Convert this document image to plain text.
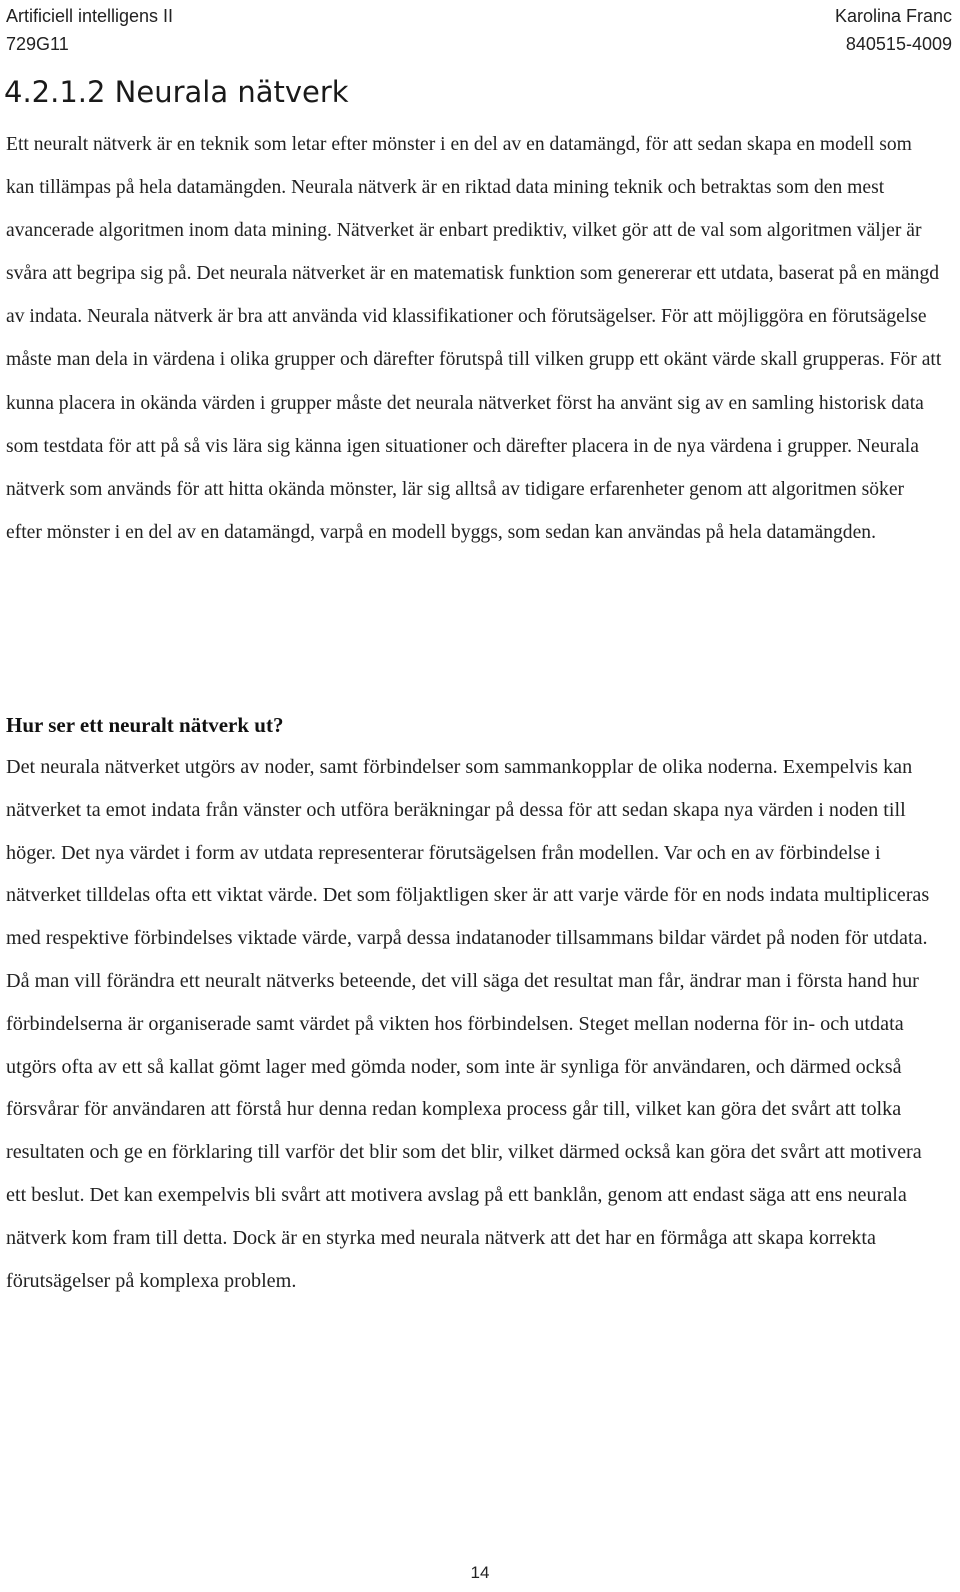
Artificiell intelligens II
729G11
Karolina Franc
840515-4009
4.2.1.2 Neurala nätverk

Ett neuralt nätverk är en teknik som letar efter mönster i en del av en datamängd, för att sedan skapa en modell som kan tillämpas på hela datamängden. Neurala nätverk är en riktad data mining teknik och betraktas som den mest avancerade algoritmen inom data mining. Nätverket är enbart prediktiv, vilket gör att de val som algoritmen väljer är svåra att begripa sig på. Det neurala nätverket är en matematisk funktion som genererar ett utdata, baserat på en mängd av indata. Neurala nätverk är bra att använda vid klassifikationer och förutsägelser. För att möjliggöra en förutsägelse måste man dela in värdena i olika grupper och därefter förutspå till vilken grupp ett okänt värde skall grupperas. För att kunna placera in okända värden i grupper måste det neurala nätverket först ha använt sig av en samling historisk data som testdata för att på så vis lära sig känna igen situationer och därefter placera in de nya värdena i grupper. Neurala nätverk som används för att hitta okända mönster, lär sig alltså av tidigare erfarenheter genom att algoritmen söker efter mönster i en del av en datamängd, varpå en modell byggs, som sedan kan användas på hela datamängden.

Hur ser ett neuralt nätverk ut?

Det neurala nätverket utgörs av noder, samt förbindelser som sammankopplar de olika noderna. Exempelvis kan nätverket ta emot indata från vänster och utföra beräkningar på dessa för att sedan skapa nya värden i noden till höger. Det nya värdet i form av utdata representerar förutsägelsen från modellen. Var och en av förbindelse i nätverket tilldelas ofta ett viktat värde. Det som följaktligen sker är att varje värde för en nods indata multipliceras med respektive förbindelses viktade värde, varpå dessa indatanoder tillsammans bildar värdet på noden för utdata. Då man vill förändra ett neuralt nätverks beteende, det vill säga det resultat man får, ändrar man i första hand hur förbindelserna är organiserade samt värdet på vikten hos förbindelsen. Steget mellan noderna för in- och utdata utgörs ofta av ett så kallat gömt lager med gömda noder, som inte är synliga för användaren, och därmed också försvårar för användaren att förstå hur denna redan komplexa process går till, vilket kan göra det svårt att tolka resultaten och ge en förklaring till varför det blir som det blir, vilket därmed också kan göra det svårt att motivera ett beslut. Det kan exempelvis bli svårt att motivera avslag på ett banklån, genom att endast säga att ens neurala nätverk kom fram till detta. Dock är en styrka med neurala nätverk att det har en förmåga att skapa korrekta förutsägelser på komplexa problem.

14
